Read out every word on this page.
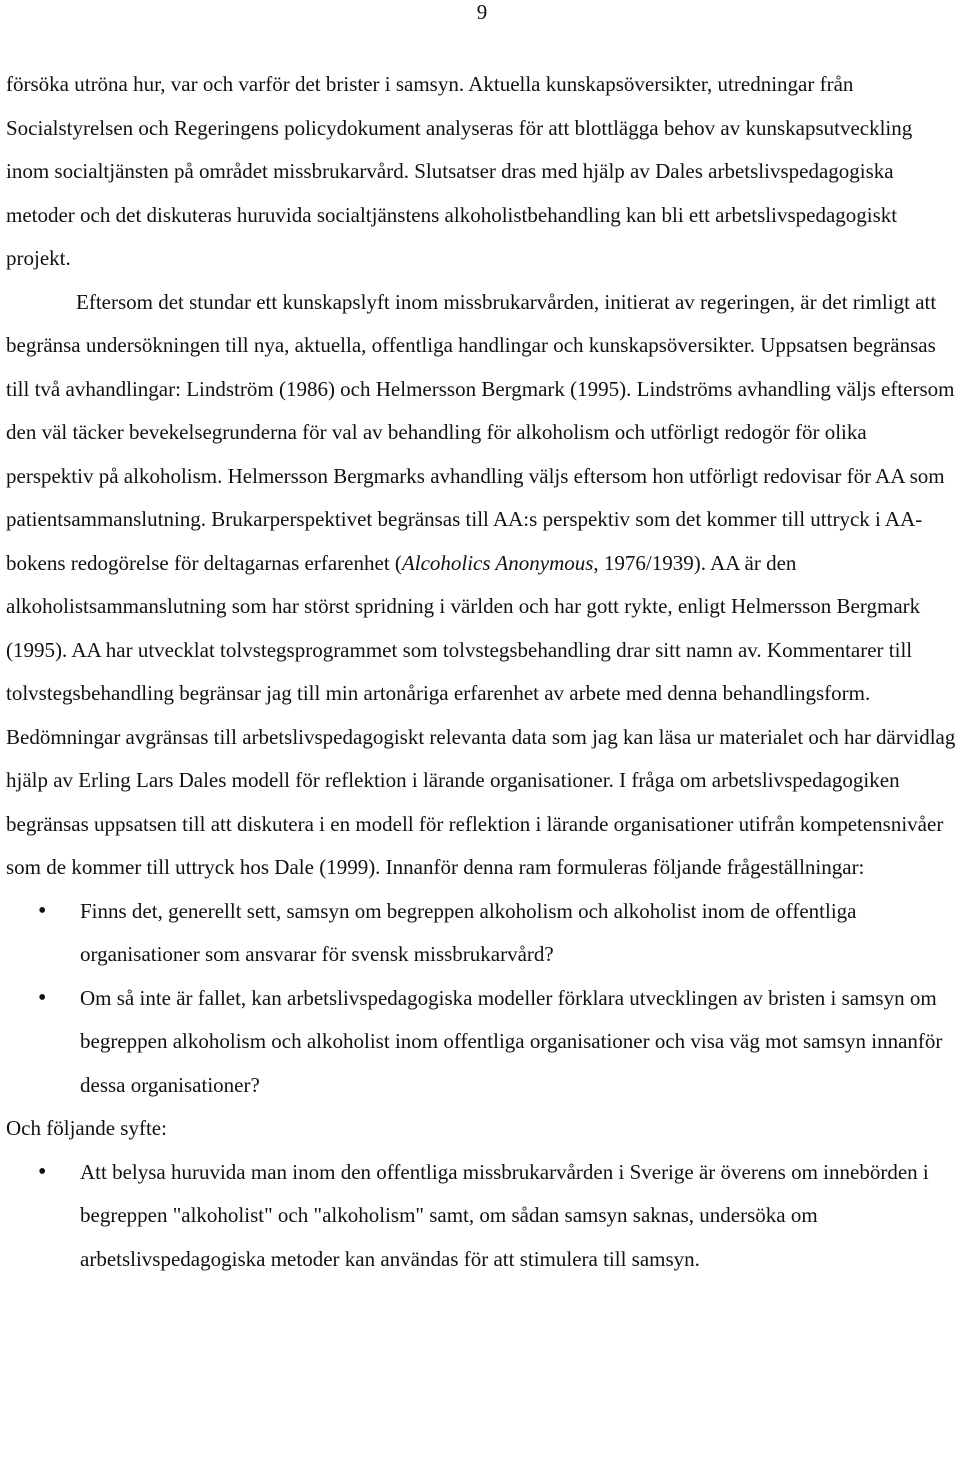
9

försöka utröna hur, var och varför det brister i samsyn. Aktuella kunskapsöversikter, utredningar från Socialstyrelsen och Regeringens policydokument analyseras för att blottlägga behov av kunskapsutveckling inom socialtjänsten på området missbrukarvård. Slutsatser dras med hjälp av Dales arbetslivspedagogiska metoder och det diskuteras huruvida socialtjänstens alkoholistbehandling kan bli ett arbetslivspedagogiskt projekt.

Eftersom det stundar ett kunskapslyft inom missbrukarvården, initierat av regeringen, är det rimligt att begränsa undersökningen till nya, aktuella, offentliga handlingar och kunskapsöversikter. Uppsatsen begränsas till två avhandlingar: Lindström (1986) och Helmersson Bergmark (1995). Lindströms avhandling väljs eftersom den väl täcker bevekelsegrunderna för val av behandling för alkoholism och utförligt redogör för olika perspektiv på alkoholism. Helmersson Bergmarks avhandling väljs eftersom hon utförligt redovisar för AA som patientsammanslutning. Brukarperspektivet begränsas till AA:s perspektiv som det kommer till uttryck i AA- bokens redogörelse för deltagarnas erfarenhet (Alcoholics Anonymous, 1976/1939). AA är den alkoholistsammanslutning som har störst spridning i världen och har gott rykte, enligt Helmersson Bergmark (1995). AA har utvecklat tolvstegsprogrammet som tolvstegsbehandling drar sitt namn av. Kommentarer till tolvstegsbehandling begränsar jag till min artonåriga erfarenhet av arbete med denna behandlingsform. Bedömningar avgränsas till arbetslivspedagogiskt relevanta data som jag kan läsa ur materialet och har därvidlag hjälp av Erling Lars Dales modell för reflektion i lärande organisationer. I fråga om arbetslivspedagogiken begränsas uppsatsen till att diskutera i en modell för reflektion i lärande organisationer utifrån kompetensnivåer som de kommer till uttryck hos Dale (1999). Innanför denna ram formuleras följande frågeställningar:

• Finns det, generellt sett, samsyn om begreppen alkoholism och alkoholist inom de offentliga organisationer som ansvarar för svensk missbrukarvård?
• Om så inte är fallet, kan arbetslivspedagogiska modeller förklara utvecklingen av bristen i samsyn om begreppen alkoholism och alkoholist inom offentliga organisationer och visa väg mot samsyn innanför dessa organisationer?

Och följande syfte:

• Att belysa huruvida man inom den offentliga missbrukarvården i Sverige är överens om innebörden i begreppen "alkoholist" och "alkoholism" samt, om sådan samsyn saknas, undersöka om arbetslivspedagogiska metoder kan användas för att stimulera till samsyn.
